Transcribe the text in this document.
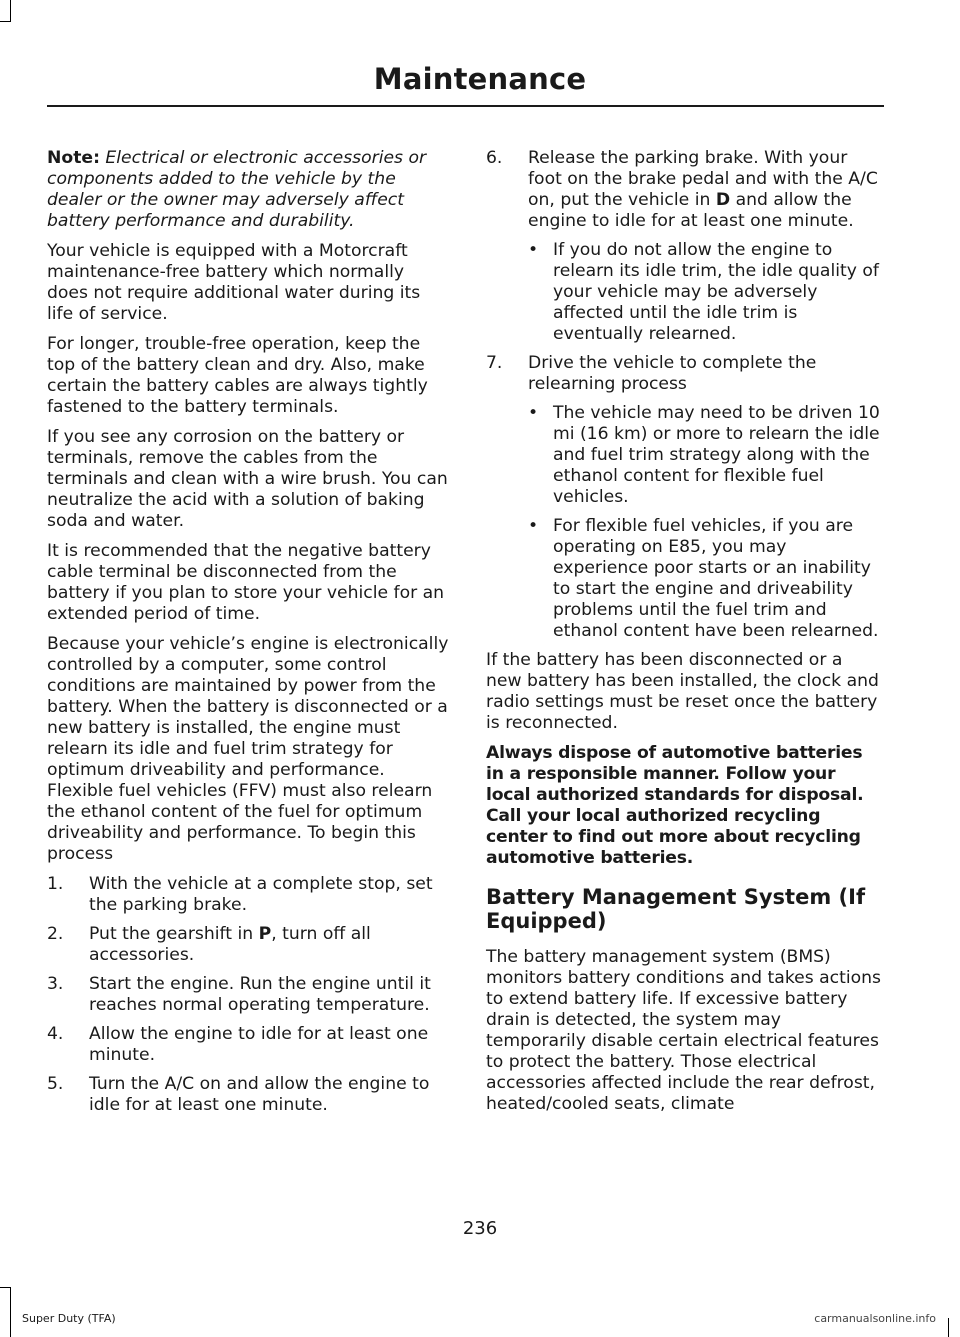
Maintenance

Note: Electrical or electronic accessories or components added to the vehicle by the dealer or the owner may adversely affect battery performance and durability.

Your vehicle is equipped with a Motorcraft maintenance-free battery which normally does not require additional water during its life of service.

For longer, trouble-free operation, keep the top of the battery clean and dry. Also, make certain the battery cables are always tightly fastened to the battery terminals.

If you see any corrosion on the battery or terminals, remove the cables from the terminals and clean with a wire brush. You can neutralize the acid with a solution of baking soda and water.

It is recommended that the negative battery cable terminal be disconnected from the battery if you plan to store your vehicle for an extended period of time.

Because your vehicle’s engine is electronically controlled by a computer, some control conditions are maintained by power from the battery. When the battery is disconnected or a new battery is installed, the engine must relearn its idle and fuel trim strategy for optimum driveability and performance. Flexible fuel vehicles (FFV) must also relearn the ethanol content of the fuel for optimum driveability and performance. To begin this process

1. With the vehicle at a complete stop, set the parking brake.
2. Put the gearshift in P, turn off all accessories.
3. Start the engine. Run the engine until it reaches normal operating temperature.
4. Allow the engine to idle for at least one minute.
5. Turn the A/C on and allow the engine to idle for at least one minute.
6. Release the parking brake. With your foot on the brake pedal and with the A/C on, put the vehicle in D and allow the engine to idle for at least one minute.
• If you do not allow the engine to relearn its idle trim, the idle quality of your vehicle may be adversely affected until the idle trim is eventually relearned.
7. Drive the vehicle to complete the relearning process
• The vehicle may need to be driven 10 mi (16 km) or more to relearn the idle and fuel trim strategy along with the ethanol content for flexible fuel vehicles.
• For flexible fuel vehicles, if you are operating on E85, you may experience poor starts or an inability to start the engine and driveability problems until the fuel trim and ethanol content have been relearned.

If the battery has been disconnected or a new battery has been installed, the clock and radio settings must be reset once the battery is reconnected.

Always dispose of automotive batteries in a responsible manner. Follow your local authorized standards for disposal. Call your local authorized recycling center to find out more about recycling automotive batteries.

Battery Management System (If Equipped)

The battery management system (BMS) monitors battery conditions and takes actions to extend battery life. If excessive battery drain is detected, the system may temporarily disable certain electrical features to protect the battery. Those electrical accessories affected include the rear defrost, heated/cooled seats, climate

236
Super Duty (TFA)	carmanualsonline.info
